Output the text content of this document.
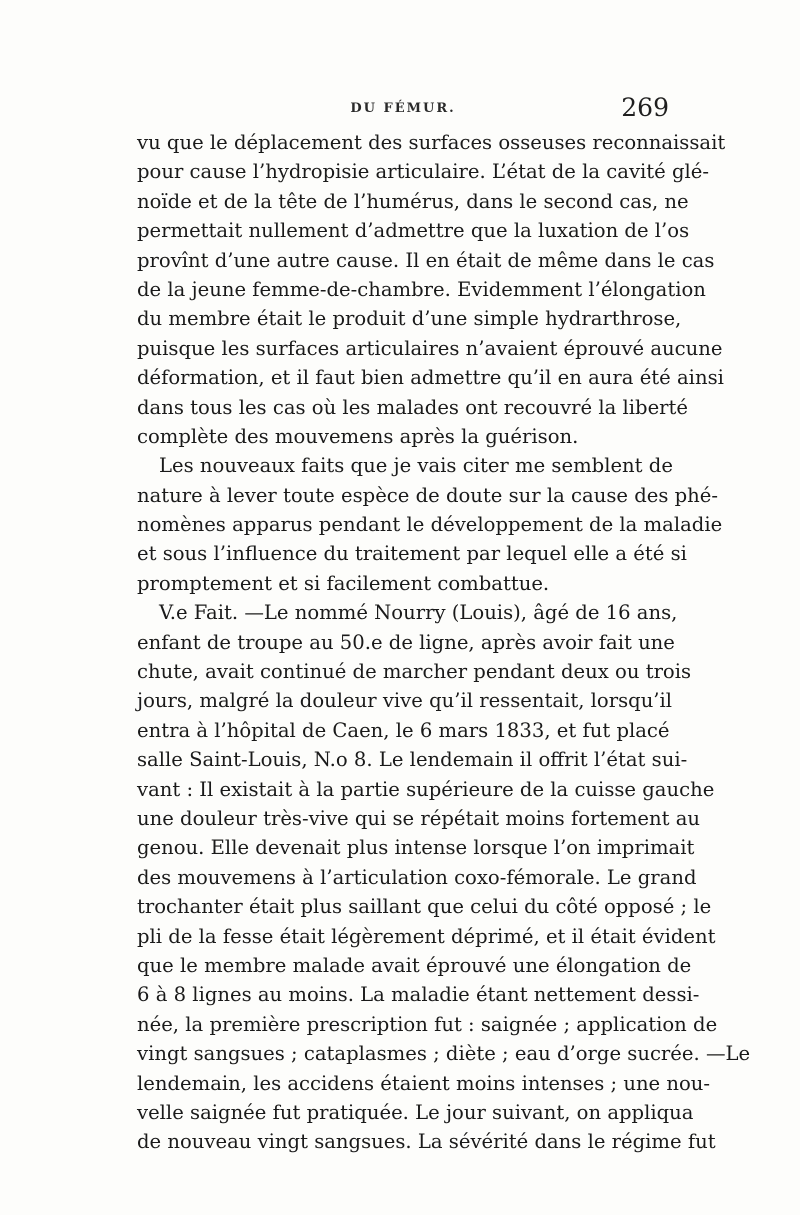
DU FÉMUR.	269
vu que le déplacement des surfaces osseuses reconnaissait
pour cause l’hydropisie articulaire. L’état de la cavité glé-
noïde et de la tête de l’humérus, dans le second cas, ne
permettait nullement d’admettre que la luxation de l’os
provînt d’une autre cause. Il en était de même dans le cas
de la jeune femme-de-chambre. Evidemment l’élongation
du membre était le produit d’une simple hydrarthrose,
puisque les surfaces articulaires n’avaient éprouvé aucune
déformation, et il faut bien admettre qu’il en aura été ainsi
dans tous les cas où les malades ont recouvré la liberté
complète des mouvemens après la guérison.
Les nouveaux faits que je vais citer me semblent de
nature à lever toute espèce de doute sur la cause des phé-
nomènes apparus pendant le développement de la maladie
et sous l’influence du traitement par lequel elle a été si
promptement et si facilement combattue.
V.e Fait. —Le nommé Nourry (Louis), âgé de 16 ans,
enfant de troupe au 50.e de ligne, après avoir fait une
chute, avait continué de marcher pendant deux ou trois
jours, malgré la douleur vive qu’il ressentait, lorsqu’il
entra à l’hôpital de Caen, le 6 mars 1833, et fut placé
salle Saint-Louis, N.o 8. Le lendemain il offrit l’état sui-
vant : Il existait à la partie supérieure de la cuisse gauche
une douleur très-vive qui se répétait moins fortement au
genou. Elle devenait plus intense lorsque l’on imprimait
des mouvemens à l’articulation coxo-fémorale. Le grand
trochanter était plus saillant que celui du côté opposé ; le
pli de la fesse était légèrement déprimé, et il était évident
que le membre malade avait éprouvé une élongation de
6 à 8 lignes au moins. La maladie étant nettement dessi-
née, la première prescription fut : saignée ; application de
vingt sangsues ; cataplasmes ; diète ; eau d’orge sucrée. —Le
lendemain, les accidens étaient moins intenses ; une nou-
velle saignée fut pratiquée. Le jour suivant, on appliqua
de nouveau vingt sangsues. La sévérité dans le régime fut
